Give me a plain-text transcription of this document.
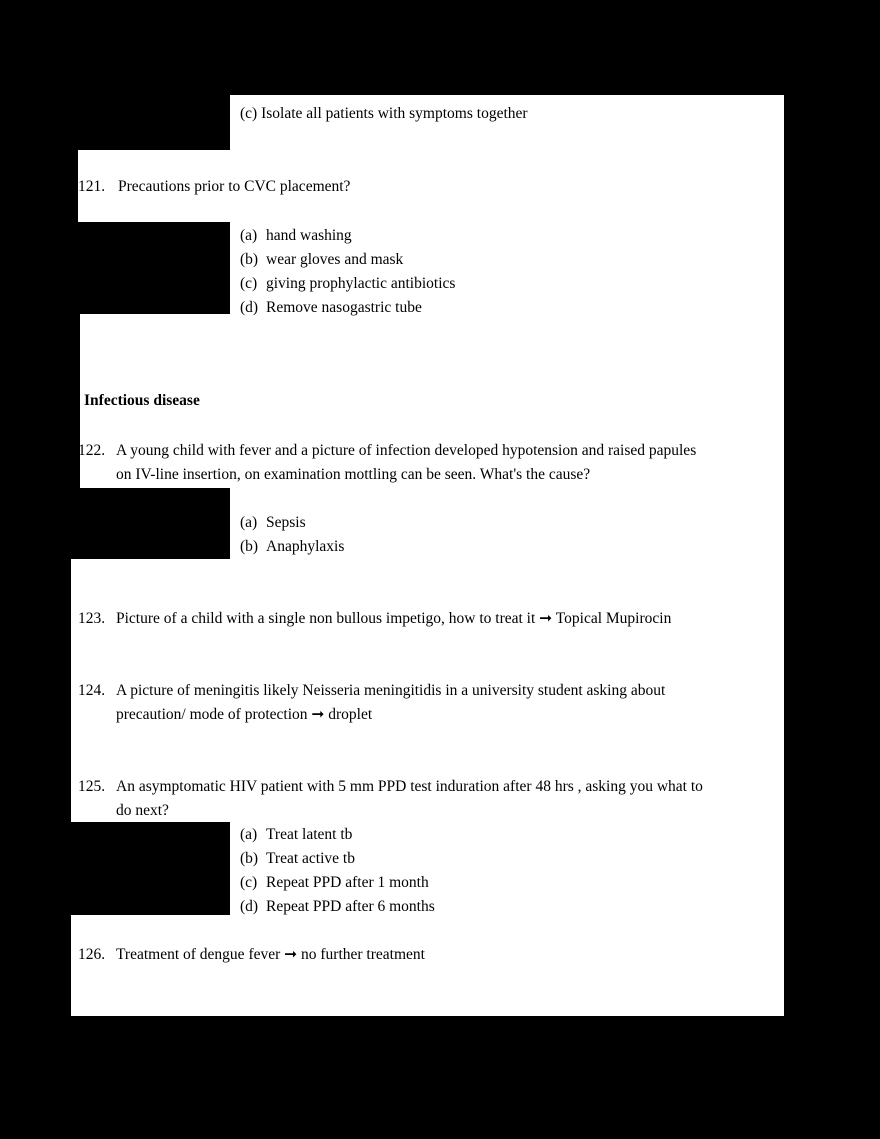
(c) Isolate all patients with symptoms together
121. Precautions prior to CVC placement?
(a) hand washing
(b) wear gloves and mask
(c) giving prophylactic antibiotics
(d) Remove nasogastric tube
Infectious disease
122. A young child with fever and a picture of infection developed hypotension and raised papules
on IV-line insertion, on examination mottling can be seen. What's the cause?
(a) Sepsis
(b) Anaphylaxis
123. Picture of a child with a single non bullous impetigo, how to treat it ➞ Topical Mupirocin
124. A picture of meningitis likely Neisseria meningitidis in a university student asking about
precaution/ mode of protection ➞ droplet
125. An asymptomatic HIV patient with 5 mm PPD test induration after 48 hrs , asking you what to
do next?
(a) Treat latent tb
(b) Treat active tb
(c) Repeat PPD after 1 month
(d) Repeat PPD after 6 months
126. Treatment of dengue fever ➞ no further treatment
